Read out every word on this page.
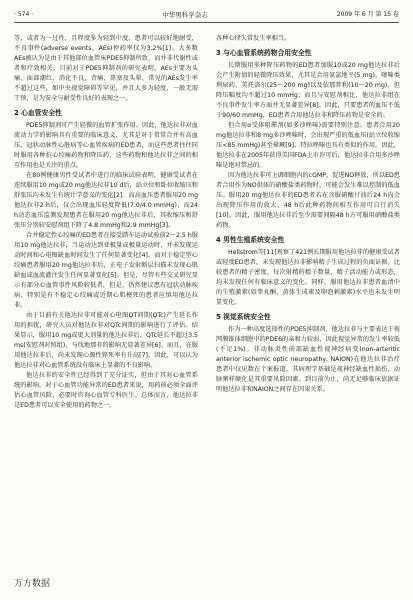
· 574 ·	中华男科学杂志	2009 年 6 月 第 15 卷

等，或者为一过性，且程度多为轻到中度，患者可以较好地耐受，不良事件(adverse events，AEs)停药率仅为3.2%[1]。大多数AEs被认为是由于其他部位血管床PDE5抑制所致，而并非代谢性或者和疗效相关。目前对于PDE5抑制剂的研究表明，AEs主要为头痛、面部潮红、消化不良、背痛、鼻塞及头晕，常见的AEs发生率不超过这些，如中央视觉障碍等罕见，并且大多为轻度，一般无需干预，是为安全与耐受性良好的表现之一。

2 心血管安全性

PDE5抑制剂可产生轻微的血管扩张作用。因此，他达拉非对血流动力学的影响具有重要的临床意义，尤其是对于常常合并有高血压、冠状动脉性心脏病等心血管疾病的ED患者，而这些患者往往同时服用各种抗心绞痛药物和降压药，这些药物和他达拉非之间的相互作用也是关注的重点。

在80例健康男性受试者中进行的临床试验表明，健康受试者在连续服用10 mg或20 mg他达拉非10 d后，站立位和卧位收缩压和舒张压均未发生有统计学意义的变化[2]。而高血压患者服用20 mg他达拉非2 h后，仅会出现血压轻度降低(7.0/4.0 mmHg)，而24 h动态血压监测发现患者在服用20 mg他达拉非后，其收缩压和舒张压分别较安慰剂组下降了4.8 mmHg和2.9 mmHg[3]。

合并稳定性心绞痛的ED患者在接受踏车运动试验前2～2.5 h服用10 mg他达拉非，当运动达到亚极量或极量运动时，并未发现运动时间和心电图缺血时间发生了任何显著变化[4]。而对于稳定型心绞痛患者服用20 mg他达拉非后，正电子发射断层扫描未发现心肌缺血或血流灌注发生任何显著变化[5]。但是，尽管有些交叉研究显示有部分心血管事件风险较低者，但是，仍然建议患有冠状动脉疾病，特别是有不稳定心绞痛或近期心肌梗死的患者应慎用他达拉非。

由于目前有关他达拉非可能对心电图QT间期(QTc)产生延长作用的担忧，研究人员对他达拉非对QTc间期的影响进行了评估。结果显示，服用10 mg或更大剂量的他达拉非后，QTc延长不超过3.5 ms(安慰剂对照组)，与伐地那非的影响无显著差异[6]。而且，在服用他达拉非后，尚未发现心源性猝死率有升高[7]，因此，可以认为他达拉非对心血管系统没有临床上显著的不良影响。

他达拉非的安全性已经得到了充分证实，但由于其对心血管系统的影响，对于心血管功能异常的ED患者来说，用药前必须全面评估心血管风险，必要时咨询心血管专科医生。总体而言，他达拉非是ED患者可以安全使用的药物之一。

各种心律失常发生率相当。

3 与心血管系统药物合用安全性

长期服用多种降压药物的ED患者加服10或20 mg他达拉非后会产生附加的轻微降压效果，尤其是合用氨氯地平(5 mg)，噻嗪类利尿药、美托洛尔(25～200 mg)以及依那普利(10～20 mg)，但降压幅度均不超过10 mmHg；而且与安慰剂相比，他达拉非组在不良事件发生率方面并无显著差异[8]。因此，只要患者的血压不低于90/60 mmHg，ED患者合用他达拉非和降压药物是安全的。

但合用α受体阻滞剂(如多沙唑嗪)需要特别注意。患者合用20 mg他达拉非和8 mg多沙唑嗪时，会出现严重的低血压(站立位收缩压<85 mmHg)甚至晕厥[9]。特拉唑嗪也具有类似的作用。因此，他达拉非在2005年获得美国FDA上市许可后，他达拉非合用多沙唑嗪是绝对禁忌的。

因为他达拉非可上调细胞内的cGMP，促进NO释放，所以ED患者合用作为NO供体的硝酸盐类药物时，可能会发生难以控制的低血压。服用20 mg他达拉非的ED患者若在含服硝酸甘油后24 h内会出现降压作用的放大，48 h后此种药物间相互作用可自行消失[10]。因此，服用他达拉非后至少需要间隔48 h方可服用硝酸盐类药物。

4 男性生殖系统安全性

Hellstrom等[11]观察了421例长期服用他达拉非的健康受试者或轻度ED患者，未发现他达拉非影响精子生成过程的负面证据。比较患者的精子密度、每次射精的精子数量、精子活动能力或形态，均未发现任何有临床意义的变化。同样，服用他达拉非患者血清中的生殖激素(如睾丸酮、黄体生成素及卵泡刺激素)水平也未发生明显变化。

5 视觉系统安全性

作为一种高度选择性的PDE5抑制剂，他达拉非与主要表达于视网膜锥体细胞中的PDE6的亲和力较弱，因此视觉异常的发生率较低(不足1%)。非动脉炎性前部缺血性视神经病变(non-arteritic anterior ischemic optic neuropathy, NAION)在他达拉非治疗患者中仅见数在个案报道，其病理学基础是视神经缺血性损伤，动脉粥样硬化是其重要风险因素。到目前为止，尚无足够临床依据证明他达拉非和NAION之间存在因果关系。

万方数据
